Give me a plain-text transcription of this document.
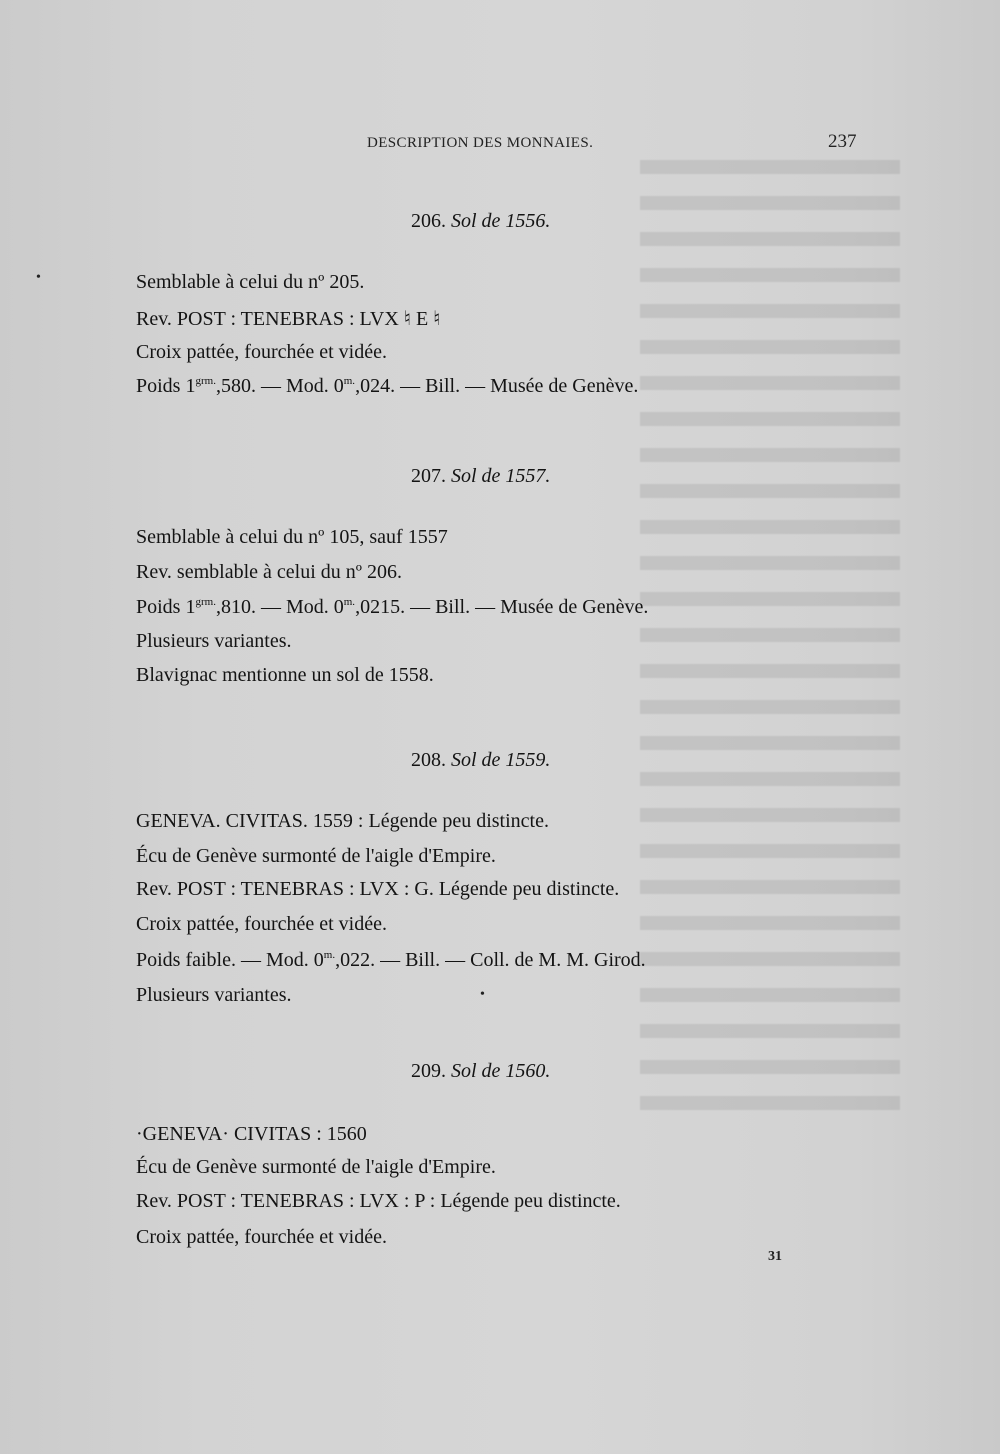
DESCRIPTION DES MONNAIES.	237
•
206. Sol de 1556.
Semblable à celui du nº 205.
Rev. POST : TENEBRAS : LVX ♮ E ♮
Croix pattée, fourchée et vidée.
Poids $1^{grm.},580$. — Mod. $0^{m.},024$. — Bill. — Musée de Genève.
207. Sol de 1557.
Semblable à celui du nº 105, sauf 1557
Rev. semblable à celui du nº 206.
Poids $1^{grm.},810$. — Mod. $0^{m.},0215$. — Bill. — Musée de Genève.
Plusieurs variantes.
Blavignac mentionne un sol de 1558.
208. Sol de 1559.
GENEVA. CIVITAS. 1559 : Légende peu distincte.
Écu de Genève surmonté de l'aigle d'Empire.
Rev. POST : TENEBRAS : LVX : G. Légende peu distincte.
Croix pattée, fourchée et vidée.
Poids faible. — Mod. $0^{m.},022$. — Bill. — Coll. de M. M. Girod.
Plusieurs variantes.	•
209. Sol de 1560.
·GENEVA· CIVITAS : 1560
Écu de Genève surmonté de l'aigle d'Empire.
Rev. POST : TENEBRAS : LVX : P : Légende peu distincte.
Croix pattée, fourchée et vidée.
31
